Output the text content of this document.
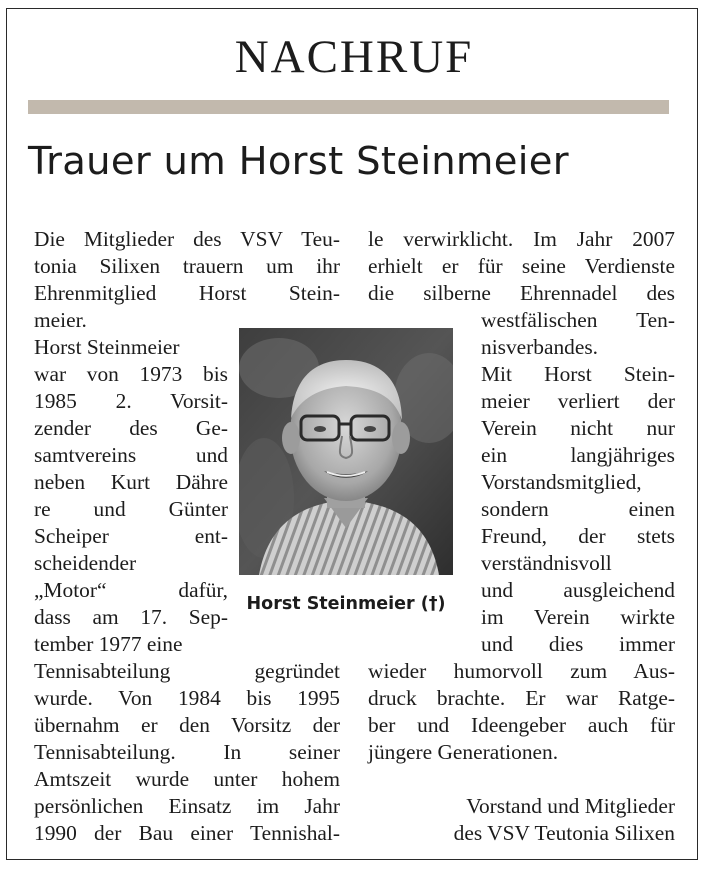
NACHRUF
Trauer um Horst Steinmeier
Die Mitglieder des VSV Teu-
tonia Silixen trauern um ihr
Ehrenmitglied Horst Stein-
meier.
Horst Steinmeier
war von 1973 bis
1985 2. Vorsit-
zender des Ge-
samtvereins und
neben Kurt Dähre
re und Günter
Scheiper ent-
scheidender
„Motor“ dafür,
dass am 17. Sep-
tember 1977 eine
Tennisabteilung gegründet
wurde. Von 1984 bis 1995
übernahm er den Vorsitz der
Tennisabteilung. In seiner
Amtszeit wurde unter hohem
persönlichen Einsatz im Jahr
1990 der Bau einer Tennishal-
le verwirklicht. Im Jahr 2007
erhielt er für seine Verdienste
die silberne Ehrennadel des
westfälischen Ten-
nisverbandes.
Mit Horst Stein-
meier verliert der
Verein nicht nur
ein langjähriges
Vorstandsmitglied,
sondern einen
Freund, der stets
verständnisvoll
und ausgleichend
im Verein wirkte
und dies immer
wieder humorvoll zum Aus-
druck brachte. Er war Ratge-
ber und Ideengeber auch für
jüngere Generationen.
Vorstand und Mitglieder
des VSV Teutonia Silixen
Horst Steinmeier (†)
